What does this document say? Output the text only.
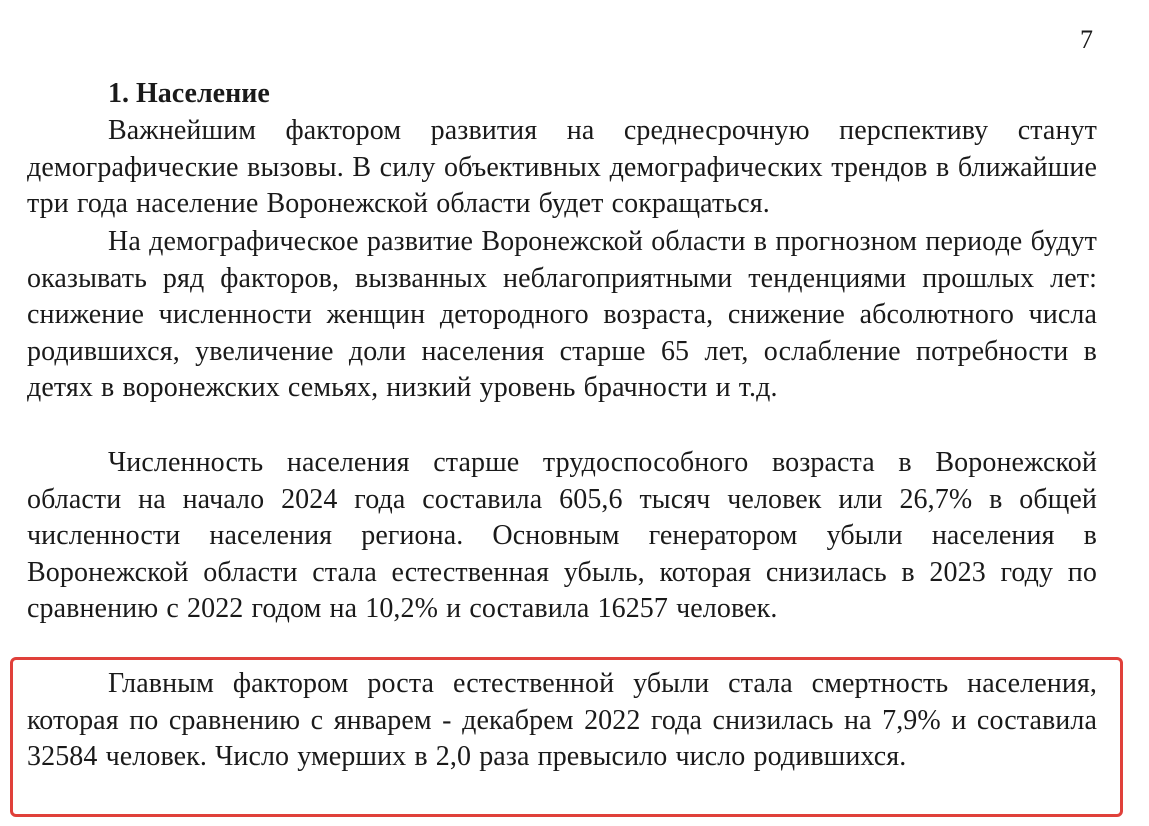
7
1. Население

Важнейшим фактором развития на среднесрочную перспективу станут демографические вызовы. В силу объективных демографических трендов в ближайшие три года население Воронежской области будет сокращаться.

На демографическое развитие Воронежской области в прогнозном периоде будут оказывать ряд факторов, вызванных неблагоприятными тенденциями прошлых лет: снижение численности женщин детородного возраста, снижение абсолютного числа родившихся, увеличение доли населения старше 65 лет, ослабление потребности в детях в воронежских семьях, низкий уровень брачности и т.д.

Численность населения старше трудоспособного возраста в Воронежской области на начало 2024 года составила 605,6 тысяч человек или 26,7% в общей численности населения региона. Основным генератором убыли населения в Воронежской области стала естественная убыль, которая снизилась в 2023 году по сравнению с 2022 годом на 10,2% и составила 16257 человек.

Главным фактором роста естественной убыли стала смертность населения, которая по сравнению с январем - декабрем 2022 года снизилась на 7,9% и составила 32584 человек. Число умерших в 2,0 раза превысило число родившихся.
